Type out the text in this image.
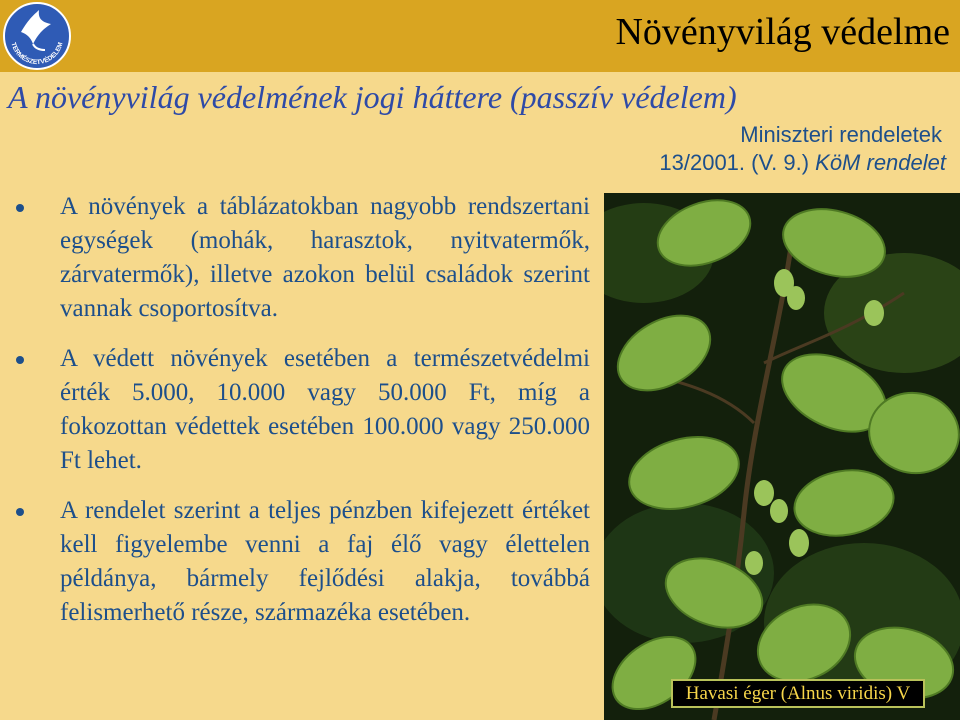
TERMÉSZETVÉDELEM	Növényvilág védelme
A növényvilág védelmének jogi háttere (passzív védelem)
Miniszteri rendeletek
13/2001. (V. 9.) KöM rendelet
A növények a táblázatokban nagyobb rendszertani egységek (mohák, harasztok, nyitvatermők, zárvatermők), illetve azokon belül családok szerint vannak csoportosítva.
A védett növények esetében a természetvédelmi érték 5.000, 10.000 vagy 50.000 Ft, míg a fokozottan védettek esetében 100.000 vagy 250.000 Ft lehet.
A rendelet szerint a teljes pénzben kifejezett értéket kell figyelembe venni a faj élő vagy élettelen példánya, bármely fejlődési alakja, továbbá felismerhető része, származéka esetében.
Havasi éger (Alnus viridis) V
